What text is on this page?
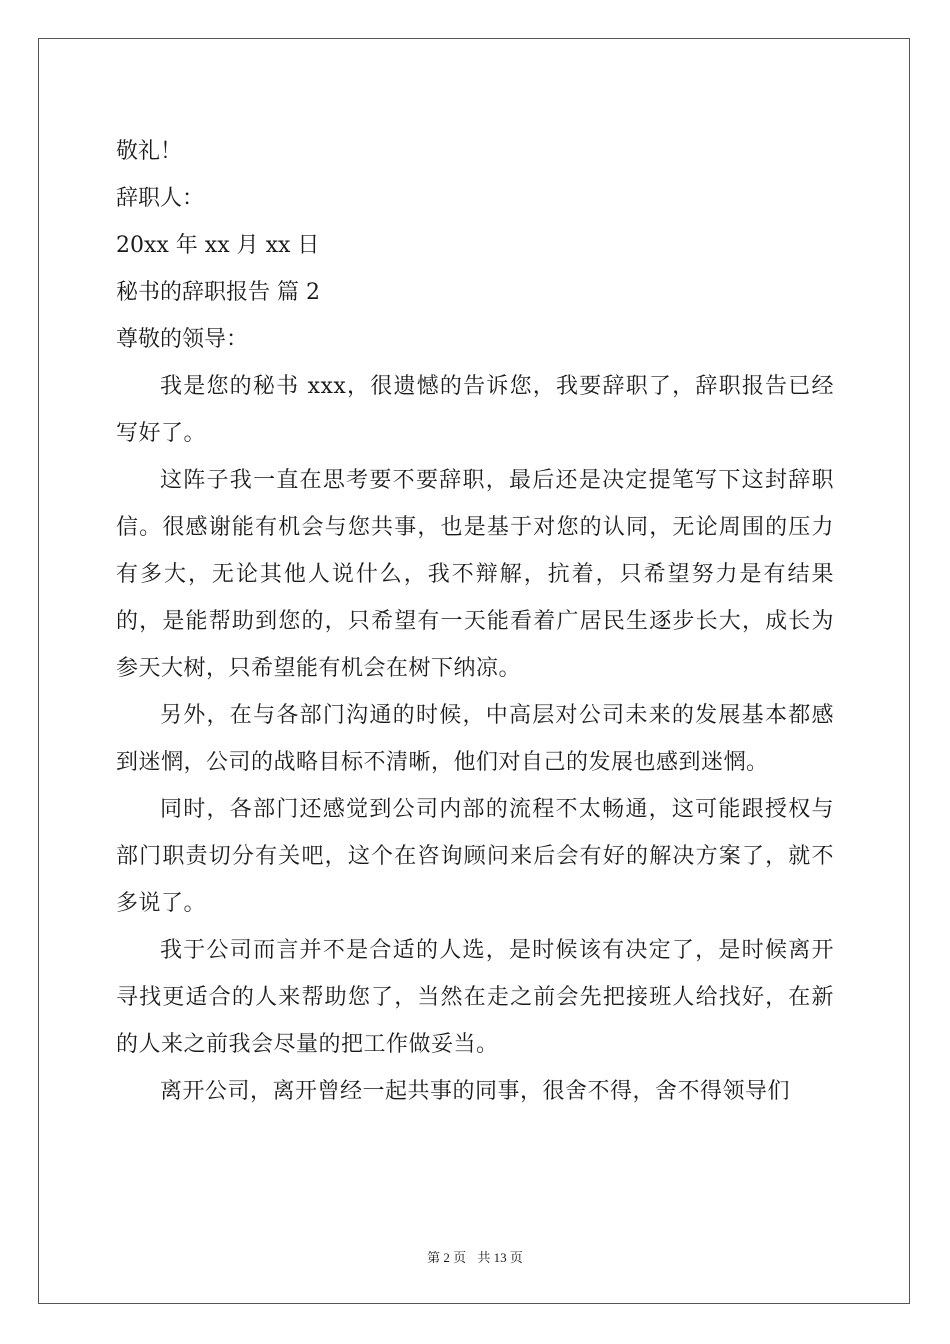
敬礼！

辞职人：

20xx 年 xx 月 xx 日

秘书的辞职报告 篇 2

尊敬的领导：

我是您的秘书 xxx，很遗憾的告诉您，我要辞职了，辞职报告已经写好了。

这阵子我一直在思考要不要辞职，最后还是决定提笔写下这封辞职信。很感谢能有机会与您共事，也是基于对您的认同，无论周围的压力有多大，无论其他人说什么，我不辩解，抗着，只希望努力是有结果的，是能帮助到您的，只希望有一天能看着广居民生逐步长大，成长为参天大树，只希望能有机会在树下纳凉。

另外，在与各部门沟通的时候，中高层对公司未来的发展基本都感到迷惘，公司的战略目标不清晰，他们对自己的发展也感到迷惘。

同时，各部门还感觉到公司内部的流程不太畅通，这可能跟授权与部门职责切分有关吧，这个在咨询顾问来后会有好的解决方案了，就不多说了。

我于公司而言并不是合适的人选，是时候该有决定了，是时候离开寻找更适合的人来帮助您了，当然在走之前会先把接班人给找好，在新的人来之前我会尽量的把工作做妥当。

离开公司，离开曾经一起共事的同事，很舍不得，舍不得领导们

第 2 页 共 13 页
